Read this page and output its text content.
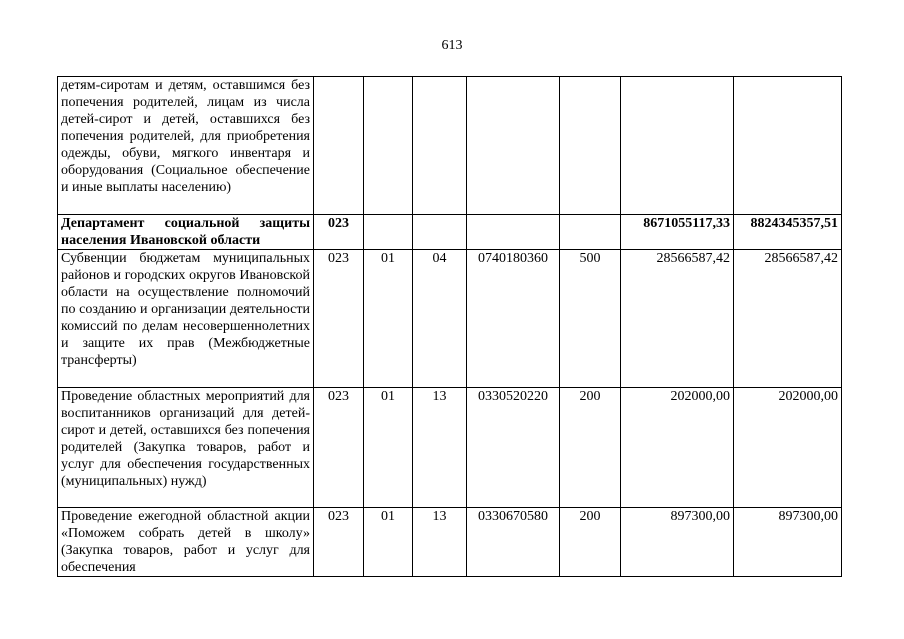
613
детям-сиротам и детям, оставшимся без попечения родителей, лицам из числа детей-сирот и детей, оставшихся без попечения родителей, для приобретения одежды, обуви, мягкого инвентаря и оборудования (Социальное обеспечение и иные выплаты населению)							
Департамент социальной защиты населения Ивановской области	023					8671055117,33	8824345357,51
Субвенции бюджетам муниципальных районов и городских округов Ивановской области на осуществление полномочий по созданию и организации деятельности комиссий по делам несовершеннолетних и защите их прав (Межбюджетные трансферты)	023	01	04	0740180360	500	28566587,42	28566587,42
Проведение областных мероприятий для воспитанников организаций для детей-сирот и детей, оставшихся без попечения родителей (Закупка товаров, работ и услуг для обеспечения государственных (муниципальных) нужд)	023	01	13	0330520220	200	202000,00	202000,00
Проведение ежегодной областной акции «Поможем собрать детей в школу» (Закупка товаров, работ и услуг для обеспечения	023	01	13	0330670580	200	897300,00	897300,00
